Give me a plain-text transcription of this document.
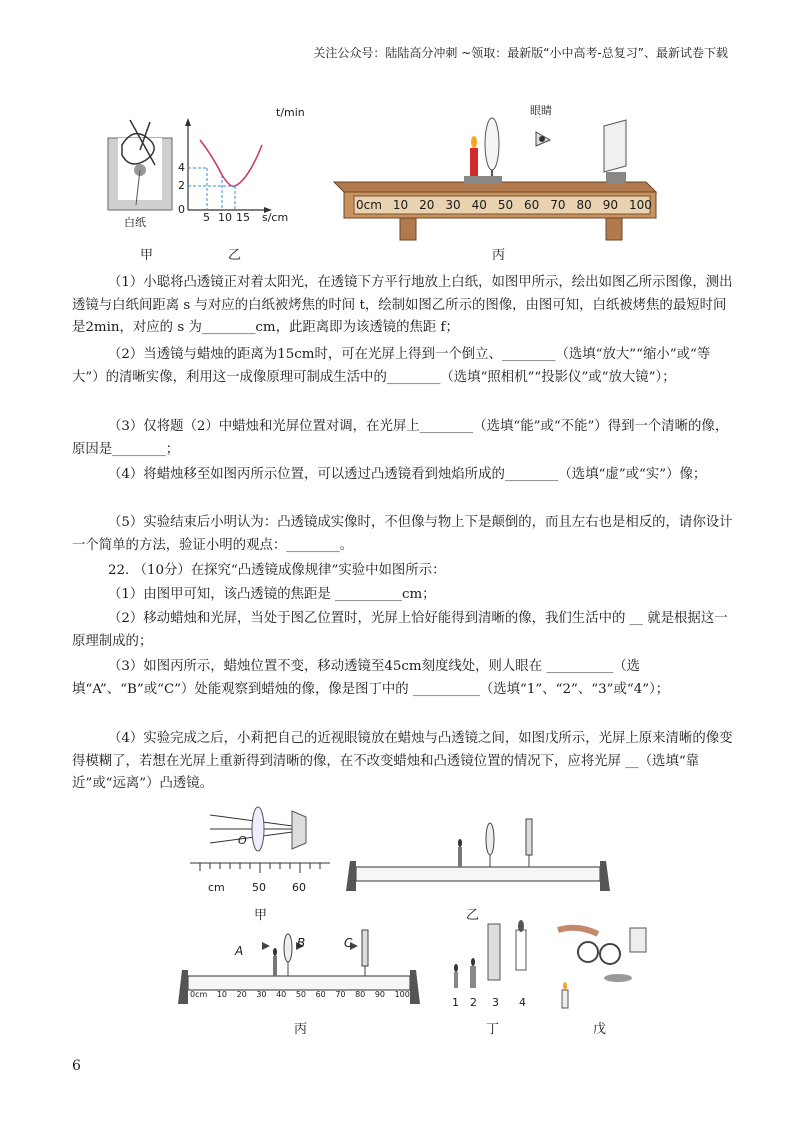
关注公众号：陆陆高分冲刺 ~领取：最新版“小中高考-总复习”、最新试卷下载
t/min
4
2
0
5 10 15 s/cm
白纸
眼睛
0cm 10 20 30 40 50 60 70 80 90 100
甲	乙	丙
（1）小聪将凸透镜正对着太阳光，在透镜下方平行地放上白纸，如图甲所示，绘出如图乙所示图像，测出透镜与白纸间距离 s 与对应的白纸被烤焦的时间 t，绘制如图乙所示的图像，由图可知，白纸被烤焦的最短时间是2min，对应的 s 为________cm，此距离即为该透镜的焦距 f；
（2）当透镜与蜡烛的距离为15cm时，可在光屏上得到一个倒立、________（选填“放大”“缩小”或“等大”）的清晰实像，利用这一成像原理可制成生活中的________（选填“照相机”“投影仪”或“放大镜”）；
（3）仅将题（2）中蜡烛和光屏位置对调，在光屏上________（选填“能”或“不能”）得到一个清晰的像，原因是________；
（4）将蜡烛移至如图丙所示位置，可以透过凸透镜看到烛焰所成的________（选填“虚”或“实”）像；
（5）实验结束后小明认为：凸透镜成实像时，不但像与物上下是颠倒的，而且左右也是相反的，请你设计一个简单的方法，验证小明的观点：________。
22. （10分）在探究“凸透镜成像规律”实验中如图所示：
（1）由图甲可知，该凸透镜的焦距是 __________cm；
（2）移动蜡烛和光屏，当处于图乙位置时，光屏上恰好能得到清晰的像，我们生活中的 __ 就是根据这一原理制成的；
（3）如图丙所示，蜡烛位置不变，移动透镜至45cm刻度线处，则人眼在 __________（选填“A”、“B”或“C”）处能观察到蜡烛的像，像是图丁中的 __________（选填“1”、“2”、“3”或“4”）；
（4）实验完成之后，小莉把自己的近视眼镜放在蜡烛与凸透镜之间，如图戊所示，光屏上原来清晰的像变得模糊了，若想在光屏上重新得到清晰的像，在不改变蜡烛和凸透镜位置的情况下，应将光屏 __（选填“靠近”或“远离”）凸透镜。
O
cm 50 60
甲	乙
A
B	C
0cm 10 20 30 40 50 60 70 80 90 100
1 2 3 4
丙	丁	戊
6
